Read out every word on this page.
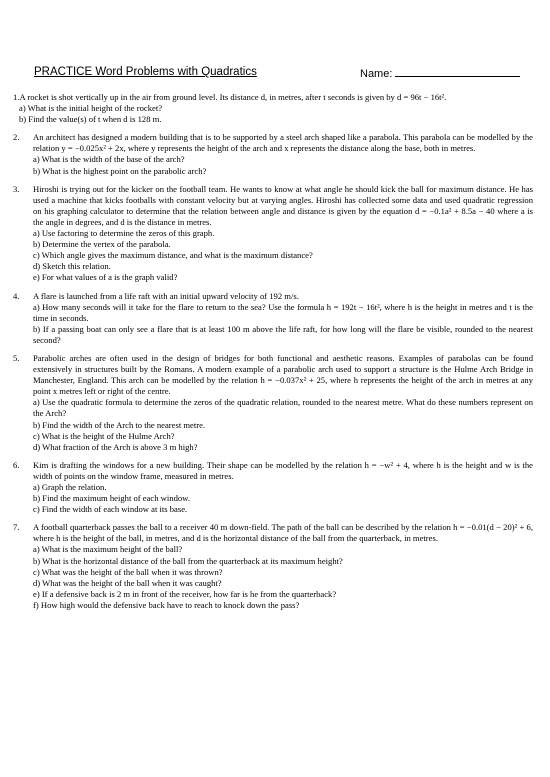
PRACTICE Word Problems with Quadratics	Name:
1.A rocket is shot vertically up in the air from ground level. Its distance d, in metres, after t seconds is given by d = 96t − 16t².
a) What is the initial height of the rocket?
b) Find the value(s) of t when d is 128 m.
2.	An architect has designed a modern building that is to be supported by a steel arch shaped like a parabola. This parabola can be modelled by the relation y = −0.025x² + 2x, where y represents the height of the arch and x represents the distance along the base, both in metres.
a) What is the width of the base of the arch?
b) What is the highest point on the parabolic arch?
3.	Hiroshi is trying out for the kicker on the football team. He wants to know at what angle he should kick the ball for maximum distance. He has used a machine that kicks footballs with constant velocity but at varying angles. Hiroshi has collected some data and used quadratic regression on his graphing calculator to determine that the relation between angle and distance is given by the equation d = −0.1a² + 8.5a − 40 where a is the angle in degrees, and d is the distance in metres.
a) Use factoring to determine the zeros of this graph.
b) Determine the vertex of the parabola.
c) Which angle gives the maximum distance, and what is the maximum distance?
d) Sketch this relation.
e) For what values of a is the graph valid?
4.	A flare is launched from a life raft with an initial upward velocity of 192 m/s.
a) How many seconds will it take for the flare to return to the sea? Use the formula h = 192t − 16t², where h is the height in metres and t is the time in seconds.
b) If a passing boat can only see a flare that is at least 100 m above the life raft, for how long will the flare be visible, rounded to the nearest second?
5.	Parabolic arches are often used in the design of bridges for both functional and aesthetic reasons. Examples of parabolas can be found extensively in structures built by the Romans. A modern example of a parabolic arch used to support a structure is the Hulme Arch Bridge in Manchester, England. This arch can be modelled by the relation h = −0.037x² + 25, where h represents the height of the arch in metres at any point x metres left or right of the centre.
a) Use the quadratic formula to determine the zeros of the quadratic relation, rounded to the nearest metre. What do these numbers represent on the Arch?
b) Find the width of the Arch to the nearest metre.
c) What is the height of the Hulme Arch?
d) What fraction of the Arch is above 3 m high?
6.	Kim is drafting the windows for a new building. Their shape can be modelled by the relation h = −w² + 4, where h is the height and w is the width of points on the window frame, measured in metres.
a) Graph the relation.
b) Find the maximum height of each window.
c) Find the width of each window at its base.
7.	A football quarterback passes the ball to a receiver 40 m down-field. The path of the ball can be described by the relation h = −0.01(d − 20)² + 6, where h is the height of the ball, in metres, and d is the horizontal distance of the ball from the quarterback, in metres.
a) What is the maximum height of the ball?
b) What is the horizontal distance of the ball from the quarterback at its maximum height?
c) What was the height of the ball when it was thrown?
d) What was the height of the ball when it was caught?
e) If a defensive back is 2 m in front of the receiver, how far is he from the quarterback?
f) How high would the defensive back have to reach to knock down the pass?
